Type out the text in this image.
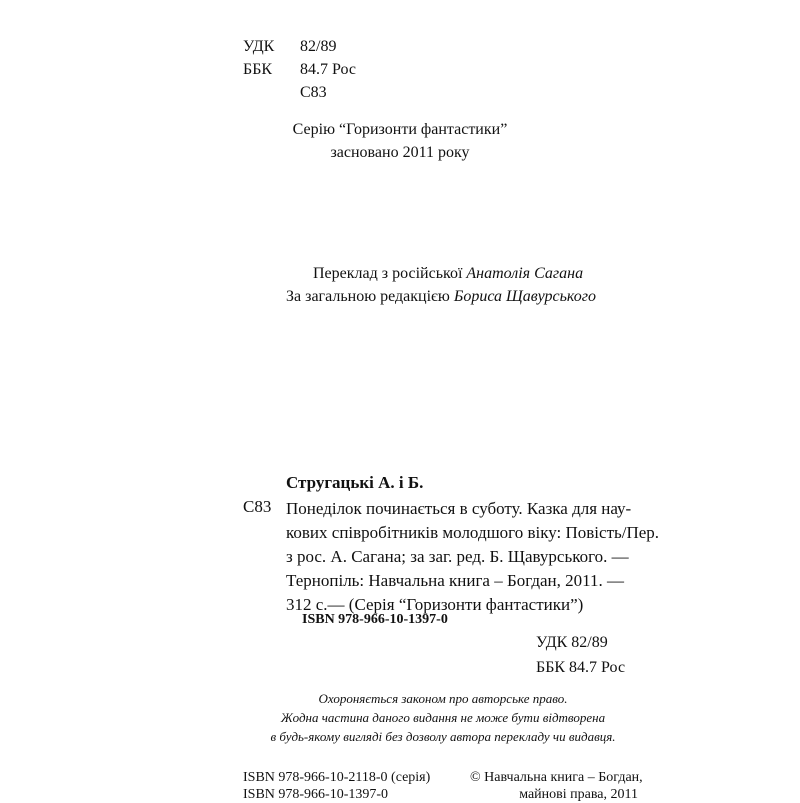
УДК 82/89
ББК 84.7 Рос
С83
Серію “Горизонти фантастики”
засновано 2011 року
Переклад з російської Анатолія Сагана
За загальною редакцією Бориса Щавурського
Стругацькі А. і Б.
С83 Понеділок починається в суботу. Казка для нау-
кових співробітників молодшого віку: Повість/Пер.
з рос. А. Сагана; за заг. ред. Б. Щавурського. —
Тернопіль: Навчальна книга – Богдан, 2011. —
312 с.— (Серія “Горизонти фантастики”)
ISBN 978-966-10-1397-0
УДК 82/89
ББК 84.7 Рос
Охороняється законом про авторське право.
Жодна частина даного видання не може бути відтворена
в будь-якому вигляді без дозволу автора перекладу чи видавця.
ISBN 978-966-10-2118-0 (серія)
ISBN 978-966-10-1397-0
© Навчальна книга – Богдан,
майнові права, 2011
